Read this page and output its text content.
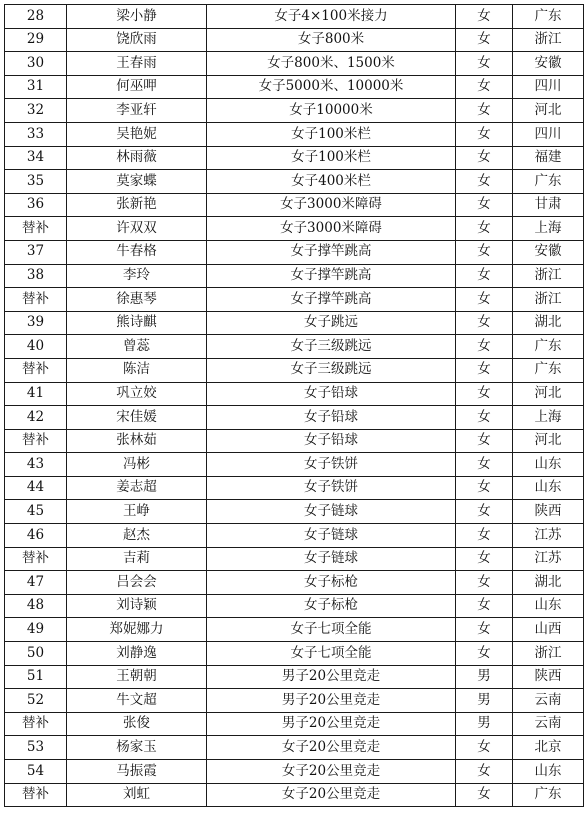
28	梁小静	女子4×100米接力	女	广东
29	饶欣雨	女子800米	女	浙江
30	王春雨	女子800米、1500米	女	安徽
31	何巫呷	女子5000米、10000米	女	四川
32	李亚轩	女子10000米	女	河北
33	吴艳妮	女子100米栏	女	四川
34	林雨薇	女子100米栏	女	福建
35	莫家蝶	女子400米栏	女	广东
36	张新艳	女子3000米障碍	女	甘肃
替补	许双双	女子3000米障碍	女	上海
37	牛春格	女子撑竿跳高	女	安徽
38	李玲	女子撑竿跳高	女	浙江
替补	徐惠琴	女子撑竿跳高	女	浙江
39	熊诗麒	女子跳远	女	湖北
40	曾蕊	女子三级跳远	女	广东
替补	陈洁	女子三级跳远	女	广东
41	巩立姣	女子铅球	女	河北
42	宋佳媛	女子铅球	女	上海
替补	张林茹	女子铅球	女	河北
43	冯彬	女子铁饼	女	山东
44	姜志超	女子铁饼	女	山东
45	王峥	女子链球	女	陕西
46	赵杰	女子链球	女	江苏
替补	吉莉	女子链球	女	江苏
47	吕会会	女子标枪	女	湖北
48	刘诗颖	女子标枪	女	山东
49	郑妮娜力	女子七项全能	女	山西
50	刘静逸	女子七项全能	女	浙江
51	王朝朝	男子20公里竞走	男	陕西
52	牛文超	男子20公里竞走	男	云南
替补	张俊	男子20公里竞走	男	云南
53	杨家玉	女子20公里竞走	女	北京
54	马振霞	女子20公里竞走	女	山东
替补	刘虹	女子20公里竞走	女	广东
